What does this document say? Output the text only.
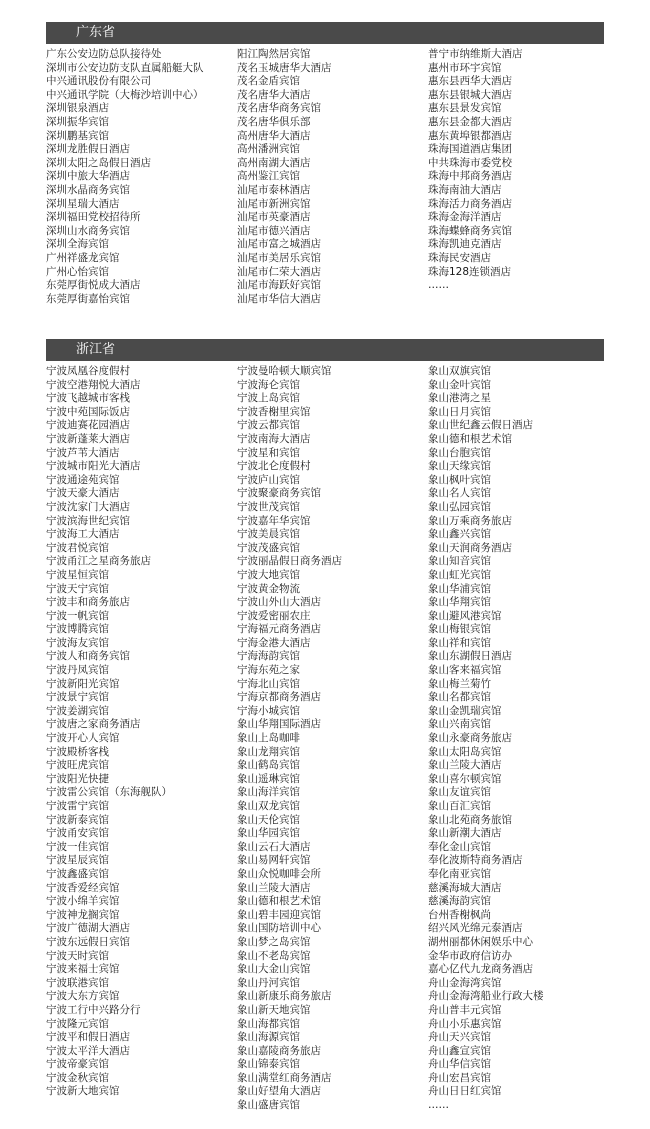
广东省
广东公安边防总队接待处
深圳市公安边防支队直属船艇大队
中兴通讯股份有限公司
中兴通讯学院（大梅沙培训中心）
深圳银泉酒店
深圳振华宾馆
深圳鹏基宾馆
深圳龙胜假日酒店
深圳太阳之岛假日酒店
深圳中旅大华酒店
深圳水晶商务宾馆
深圳星瑞大酒店
深圳福田党校招待所
深圳山水商务宾馆
深圳全海宾馆
广州祥盛龙宾馆
广州心怡宾馆
东莞厚街悦成大酒店
东莞厚街嘉怡宾馆
阳江陶然居宾馆
茂名玉城唐华大酒店
茂名金盾宾馆
茂名唐华大酒店
茂名唐华商务宾馆
茂名唐华俱乐部
高州唐华大酒店
高州潘洲宾馆
高州南湖大酒店
高州鉴江宾馆
汕尾市泰林酒店
汕尾市新洲宾馆
汕尾市英豪酒店
汕尾市德兴酒店
汕尾市富之城酒店
汕尾市美居乐宾馆
汕尾市仁荣大酒店
汕尾市海跃好宾馆
汕尾市华信大酒店
普宁市纳维斯大酒店
惠州市环宇宾馆
惠东县西华大酒店
惠东县银城大酒店
惠东县景发宾馆
惠东县金都大酒店
惠东黄埠银都酒店
珠海国道酒店集团
中共珠海市委党校
珠海中邦商务酒店
珠海南油大酒店
珠海活力商务酒店
珠海金海洋酒店
珠海蝶蜂商务宾馆
珠海凯迪克酒店
珠海民安酒店
珠海128连锁酒店
……
浙江省
宁波凤凰谷度假村
宁波空港翔悦大酒店
宁波飞越城市客栈
宁波中苑国际饭店
宁波迪赛花园酒店
宁波新蓬莱大酒店
宁波芦苇大酒店
宁波城市阳光大酒店
宁波通途苑宾馆
宁波天豪大酒店
宁波沈家门大酒店
宁波滨海世纪宾馆
宁波海工大酒店
宁波君悦宾馆
宁波甬江之星商务旅店
宁波星恒宾馆
宁波天宁宾馆
宁波丰和商务旅店
宁波一帆宾馆
宁波博腾宾馆
宁波海友宾馆
宁波人和商务宾馆
宁波丹凤宾馆
宁波新阳光宾馆
宁波景宁宾馆
宁波姜湖宾馆
宁波唐之家商务酒店
宁波开心人宾馆
宁波殿桥客栈
宁波旺虎宾馆
宁波阳光快捷
宁波雷公宾馆（东海舰队）
宁波雷宁宾馆
宁波新泰宾馆
宁波甬安宾馆
宁波一佳宾馆
宁波星辰宾馆
宁波鑫盛宾馆
宁波香爱经宾馆
宁波小绵羊宾馆
宁波神龙搁宾馆
宁波广德湖大酒店
宁波东远假日宾馆
宁波天时宾馆
宁波来福士宾馆
宁波联港宾馆
宁波大东方宾馆
宁波工行中兴路分行
宁波隆元宾馆
宁波平和假日酒店
宁波太平洋大酒店
宁波帝豪宾馆
宁波金秋宾馆
宁波新大地宾馆
宁波曼哈顿大顺宾馆
宁波海仑宾馆
宁波上岛宾馆
宁波香榭里宾馆
宁波云都宾馆
宁波南海大酒店
宁波星和宾馆
宁波北仑度假村
宁波庐山宾馆
宁波聚豪商务宾馆
宁波世茂宾馆
宁波嘉年华宾馆
宁波美晨宾馆
宁波茂盛宾馆
宁波丽晶假日商务酒店
宁波大地宾馆
宁波黄金物流
宁波山外山大酒店
宁波爱密丽农庄
宁海福元商务酒店
宁海金港大酒店
宁海海韵宾馆
宁海东苑之家
宁海北山宾馆
宁海京都商务酒店
宁海小城宾馆
象山华翔国际酒店
象山上岛咖啡
象山龙翔宾馆
象山鹤岛宾馆
象山遥琳宾馆
象山海洋宾馆
象山双龙宾馆
象山天伦宾馆
象山华园宾馆
象山云石大酒店
象山易网轩宾馆
象山众悦咖啡会所
象山兰陵大酒店
象山德和根艺术馆
象山碧丰园迎宾馆
象山国防培训中心
象山梦之岛宾馆
象山不老岛宾馆
象山大金山宾馆
象山丹河宾馆
象山新康乐商务旅店
象山新天地宾馆
象山海都宾馆
象山海源宾馆
象山嘉陵商务旅店
象山锦泰宾馆
象山满堂红商务酒店
象山好望角大酒店
象山盛唐宾馆
象山双旗宾馆
象山金叶宾馆
象山港湾之星
象山日月宾馆
象山世纪鑫云假日酒店
象山德和根艺术馆
象山台胞宾馆
象山天缘宾馆
象山枫叶宾馆
象山名人宾馆
象山弘园宾馆
象山万乘商务旅店
象山鑫兴宾馆
象山天润商务酒店
象山知音宾馆
象山虹光宾馆
象山华浦宾馆
象山华翔宾馆
象山避风港宾馆
象山梅银宾馆
象山祥和宾馆
象山东湖假日酒店
象山客来福宾馆
象山梅兰菊竹
象山名都宾馆
象山金凯瑞宾馆
象山兴南宾馆
象山永豪商务旅店
象山太阳岛宾馆
象山兰陵大酒店
象山喜尔顿宾馆
象山友谊宾馆
象山百汇宾馆
象山北苑商务旅馆
象山新潮大酒店
奉化金山宾馆
奉化波斯特商务酒店
奉化南亚宾馆
慈溪海城大酒店
慈溪海韵宾馆
台州香榭枫尚
绍兴风光绵元泰酒店
湖州丽都休闲娱乐中心
金华市政府信访办
嘉心亿代九龙商务酒店
舟山金海湾宾馆
舟山金海湾船业行政大楼
舟山普丰元宾馆
舟山小乐惠宾馆
舟山天兴宾馆
舟山鑫宣宾馆
舟山华信宾馆
舟山宏昌宾馆
舟山日日红宾馆
……
